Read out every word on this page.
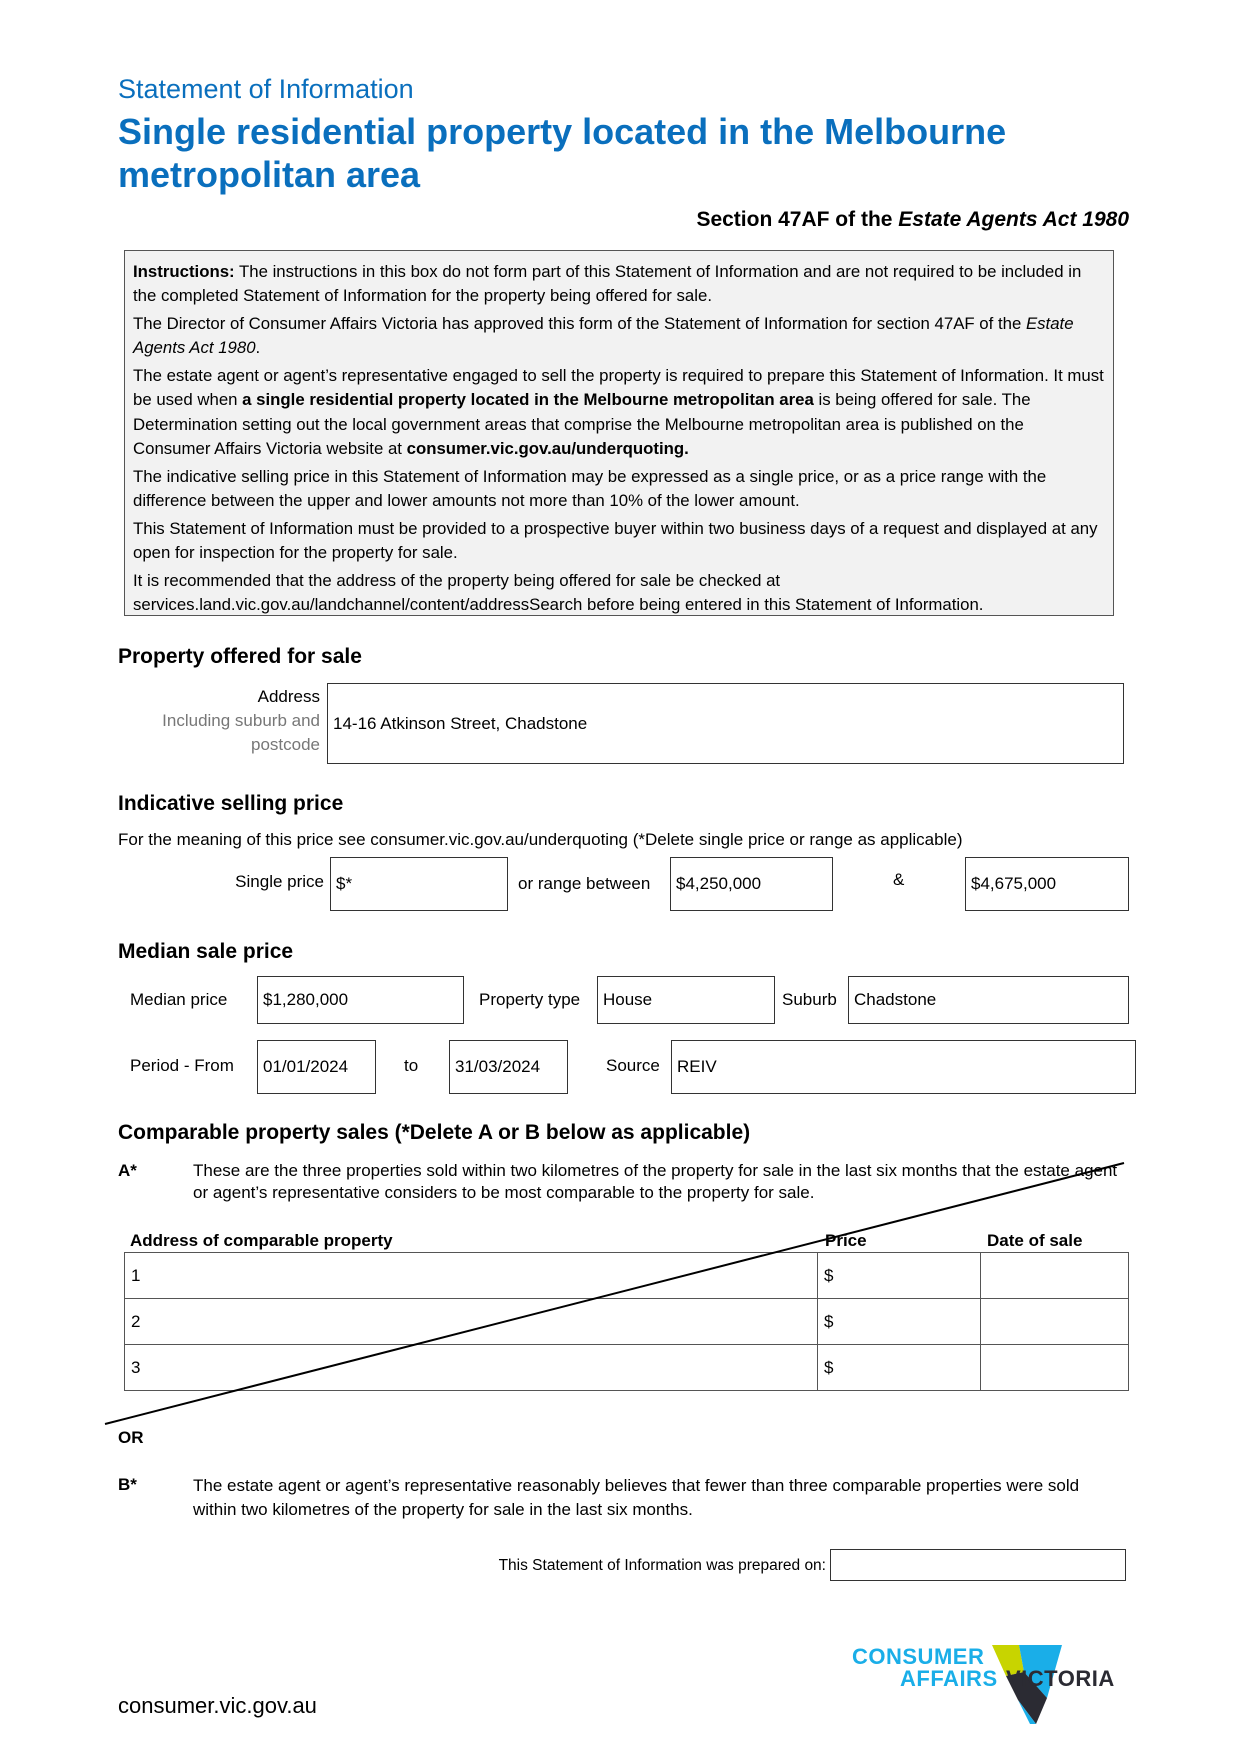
Statement of Information
Single residential property located in the Melbourne metropolitan area
Section 47AF of the Estate Agents Act 1980

Instructions: The instructions in this box do not form part of this Statement of Information and are not required to be included in the completed Statement of Information for the property being offered for sale.

The Director of Consumer Affairs Victoria has approved this form of the Statement of Information for section 47AF of the Estate Agents Act 1980.

The estate agent or agent’s representative engaged to sell the property is required to prepare this Statement of Information. It must be used when a single residential property located in the Melbourne metropolitan area is being offered for sale. The Determination setting out the local government areas that comprise the Melbourne metropolitan area is published on the Consumer Affairs Victoria website at consumer.vic.gov.au/underquoting.

The indicative selling price in this Statement of Information may be expressed as a single price, or as a price range with the difference between the upper and lower amounts not more than 10% of the lower amount.

This Statement of Information must be provided to a prospective buyer within two business days of a request and displayed at any open for inspection for the property for sale.

It is recommended that the address of the property being offered for sale be checked at services.land.vic.gov.au/landchannel/content/addressSearch before being entered in this Statement of Information.

Property offered for sale
Address
Including suburb and
postcode
14-16 Atkinson Street, Chadstone
Indicative selling price
For the meaning of this price see consumer.vic.gov.au/underquoting (*Delete single price or range as applicable)
Single price $*	or range between	$4,250,000	&	$4,675,000
Median sale price
Median price	$1,280,000	Property type	House	Suburb	Chadstone
Period - From	01/01/2024	to	31/03/2024	Source	REIV
Comparable property sales (*Delete A or B below as applicable)
A*	These are the three properties sold within two kilometres of the property for sale in the last six months that the estate agent or agent’s representative considers to be most comparable to the property for sale.
Address of comparable property	Price	Date of sale
1	$	
2	$	
3	$	
OR
B*	The estate agent or agent’s representative reasonably believes that fewer than three comparable properties were sold within two kilometres of the property for sale in the last six months.
This Statement of Information was prepared on:
consumer.vic.gov.au
CONSUMER
AFFAIRS VICTORIA
